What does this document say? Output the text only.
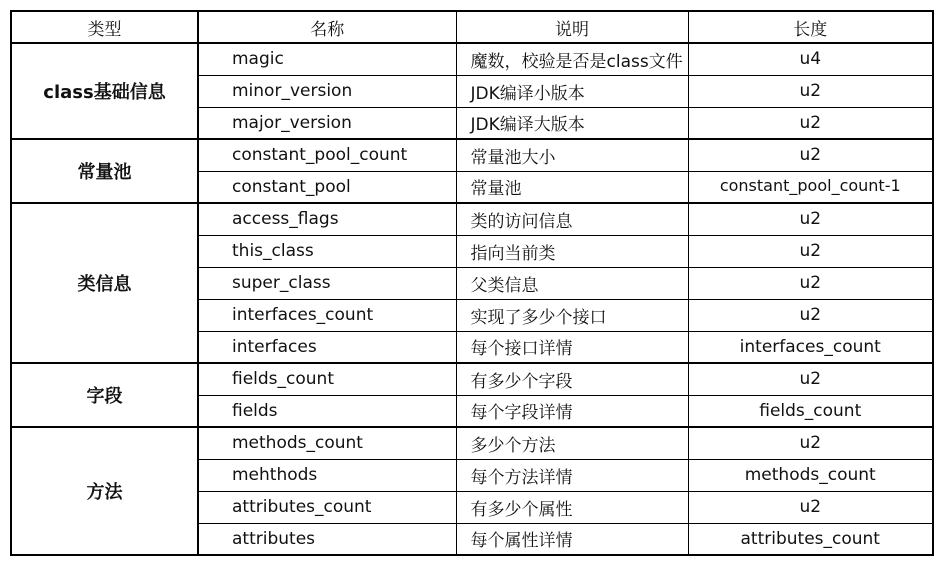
类型	名称	说明	长度
class基础信息	magic	魔数，校验是否是class文件	u4
	minor_version	JDK编译小版本	u2
	major_version	JDK编译大版本	u2
常量池	constant_pool_count	常量池大小	u2
	constant_pool	常量池	constant_pool_count-1
类信息	access_flags	类的访问信息	u2
	this_class	指向当前类	u2
	super_class	父类信息	u2
	interfaces_count	实现了多少个接口	u2
	interfaces	每个接口详情	interfaces_count
字段	fields_count	有多少个字段	u2
	fields	每个字段详情	fields_count
方法	methods_count	多少个方法	u2
	mehthods	每个方法详情	methods_count
	attributes_count	有多少个属性	u2
	attributes	每个属性详情	attributes_count
